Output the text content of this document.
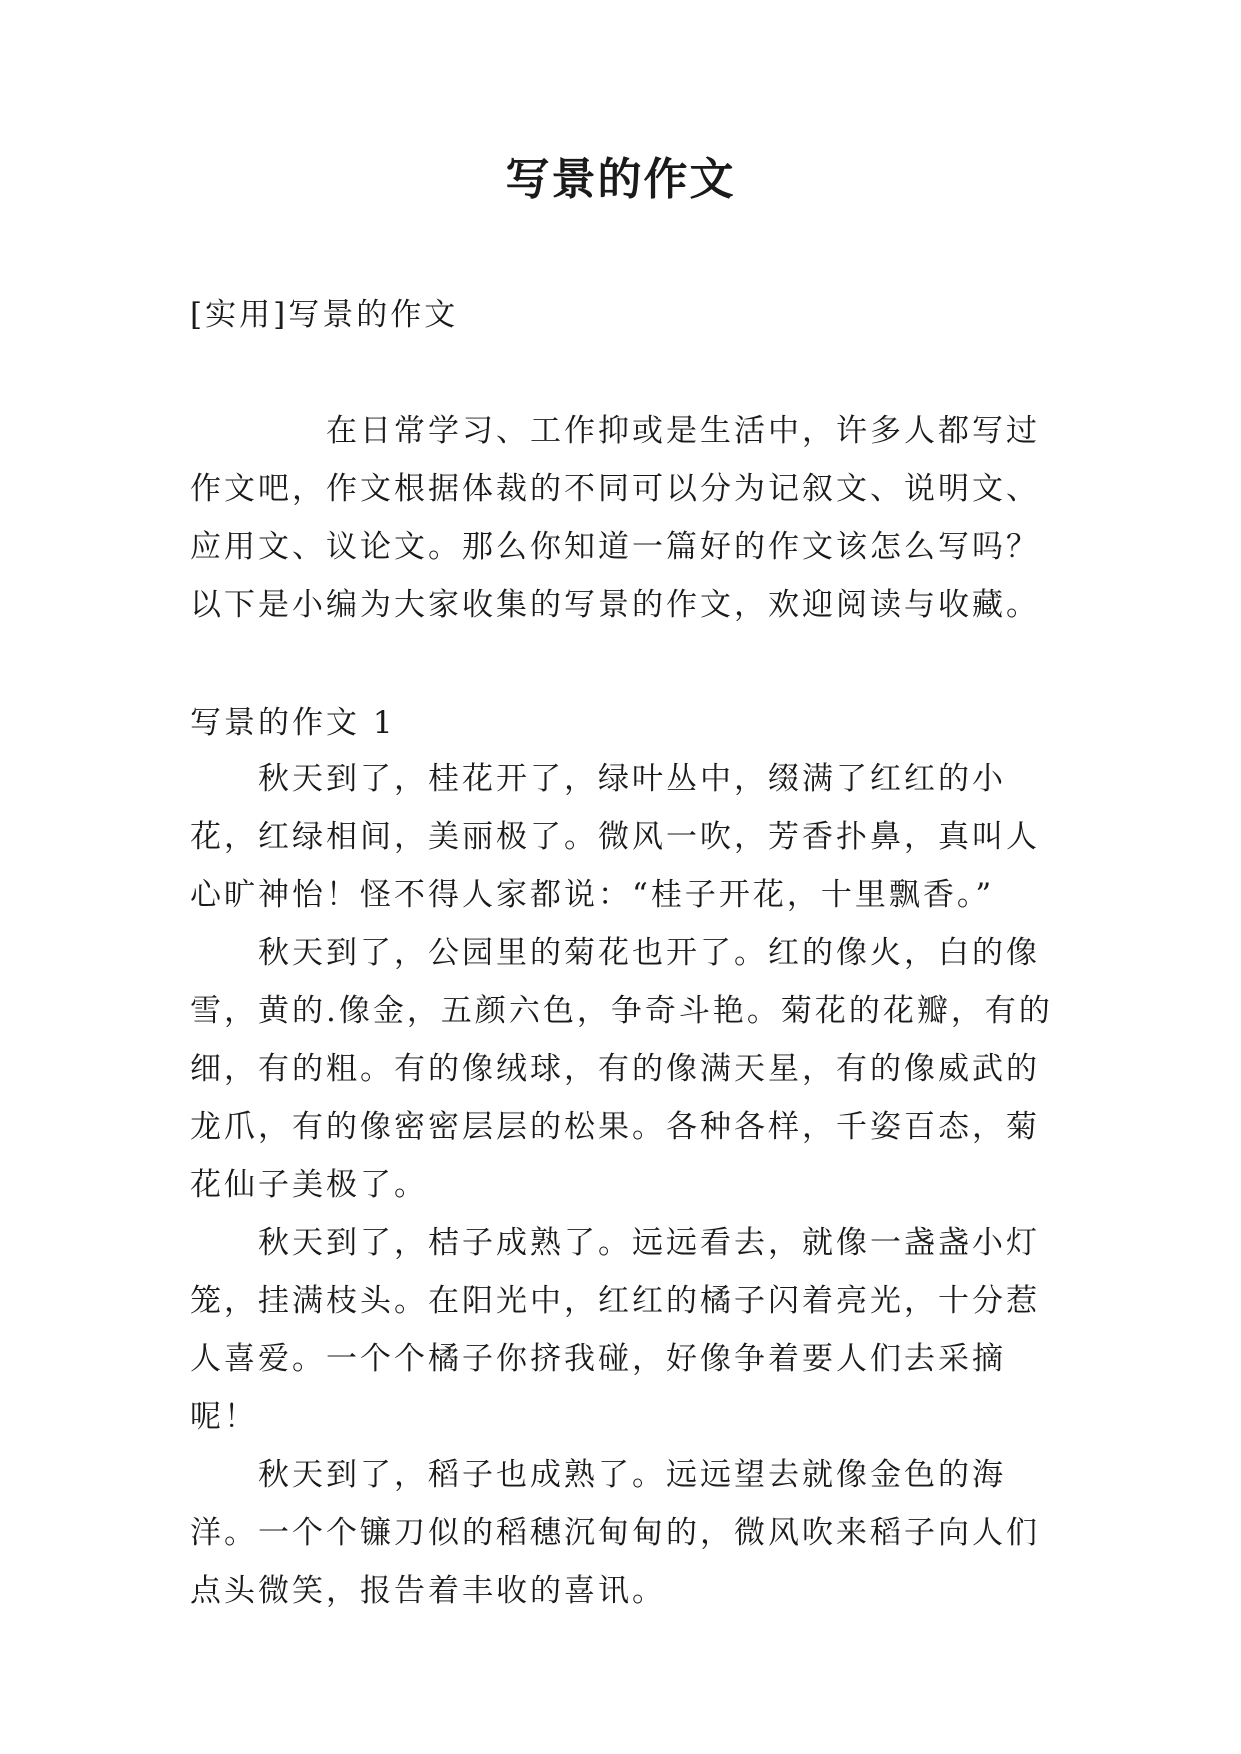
写景的作文

[实用]写景的作文

在日常学习、工作抑或是生活中，许多人都写过作文吧，作文根据体裁的不同可以分为记叙文、说明文、应用文、议论文。那么你知道一篇好的作文该怎么写吗？以下是小编为大家收集的写景的作文，欢迎阅读与收藏。

写景的作文 1

秋天到了，桂花开了，绿叶丛中，缀满了红红的小花，红绿相间，美丽极了。微风一吹，芳香扑鼻，真叫人心旷神怡！怪不得人家都说：“桂子开花，十里飘香。”

秋天到了，公园里的菊花也开了。红的像火，白的像雪，黄的.像金，五颜六色，争奇斗艳。菊花的花瓣，有的细，有的粗。有的像绒球，有的像满天星，有的像威武的龙爪，有的像密密层层的松果。各种各样，千姿百态，菊花仙子美极了。

秋天到了，桔子成熟了。远远看去，就像一盏盏小灯笼，挂满枝头。在阳光中，红红的橘子闪着亮光，十分惹人喜爱。一个个橘子你挤我碰，好像争着要人们去采摘呢！

秋天到了，稻子也成熟了。远远望去就像金色的海洋。一个个镰刀似的稻穗沉甸甸的，微风吹来稻子向人们点头微笑，报告着丰收的喜讯。
